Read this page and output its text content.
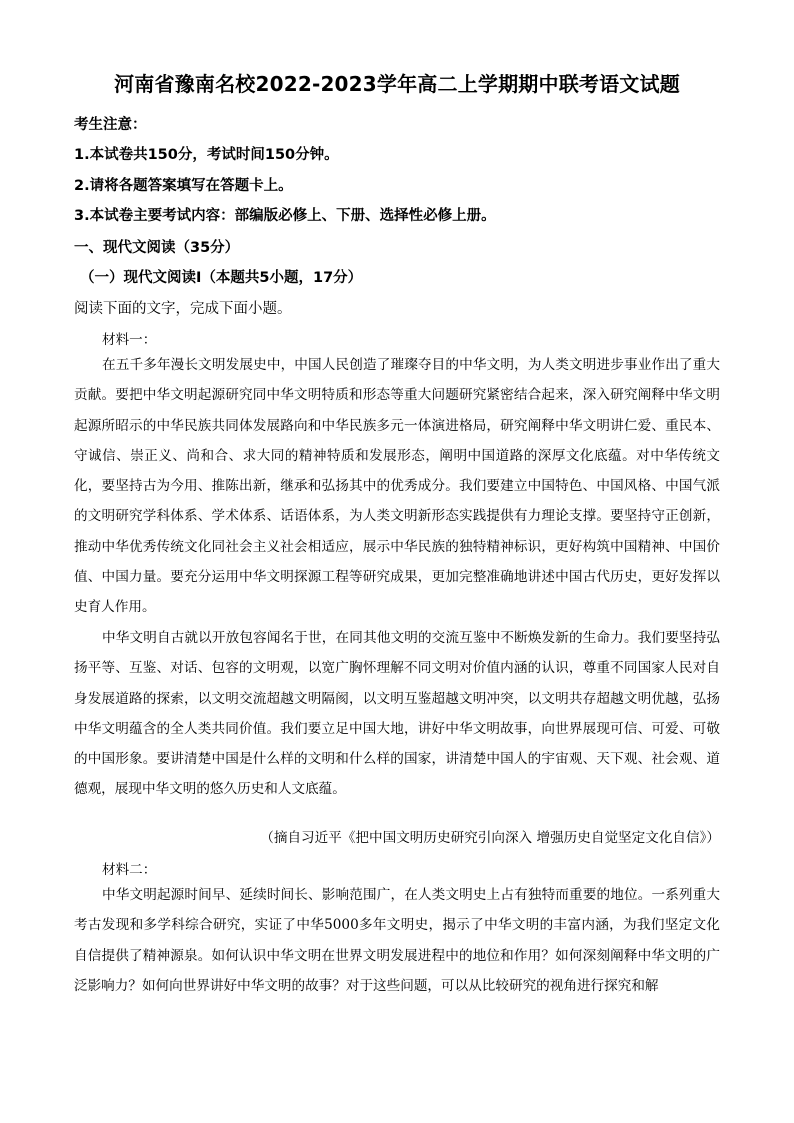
河南省豫南名校2022-2023学年高二上学期期中联考语文试题
考生注意：
1.本试卷共150分，考试时间150分钟。
2.请将各题答案填写在答题卡上。
3.本试卷主要考试内容：部编版必修上、下册、选择性必修上册。
一、现代文阅读（35分）
（一）现代文阅读Ⅰ（本题共5小题，17分）
阅读下面的文字，完成下面小题。
材料一：

在五千多年漫长文明发展史中，中国人民创造了璀璨夺目的中华文明，为人类文明进步事业作出了重大贡献。要把中华文明起源研究同中华文明特质和形态等重大问题研究紧密结合起来，深入研究阐释中华文明起源所昭示的中华民族共同体发展路向和中华民族多元一体演进格局，研究阐释中华文明讲仁爱、重民本、守诚信、崇正义、尚和合、求大同的精神特质和发展形态，阐明中国道路的深厚文化底蕴。对中华传统文化，要坚持古为今用、推陈出新，继承和弘扬其中的优秀成分。我们要建立中国特色、中国风格、中国气派的文明研究学科体系、学术体系、话语体系，为人类文明新形态实践提供有力理论支撑。要坚持守正创新，推动中华优秀传统文化同社会主义社会相适应，展示中华民族的独特精神标识，更好构筑中国精神、中国价值、中国力量。要充分运用中华文明探源工程等研究成果，更加完整准确地讲述中国古代历史，更好发挥以史育人作用。

中华文明自古就以开放包容闻名于世，在同其他文明的交流互鉴中不断焕发新的生命力。我们要坚持弘扬平等、互鉴、对话、包容的文明观，以宽广胸怀理解不同文明对价值内涵的认识，尊重不同国家人民对自身发展道路的探索，以文明交流超越文明隔阂，以文明互鉴超越文明冲突，以文明共存超越文明优越，弘扬中华文明蕴含的全人类共同价值。我们要立足中国大地，讲好中华文明故事，向世界展现可信、可爱、可敬的中国形象。要讲清楚中国是什么样的文明和什么样的国家，讲清楚中国人的宇宙观、天下观、社会观、道德观，展现中华文明的悠久历史和人文底蕴。

（摘自习近平《把中国文明历史研究引向深入 增强历史自觉坚定文化自信》）
材料二：

中华文明起源时间早、延续时间长、影响范围广，在人类文明史上占有独特而重要的地位。一系列重大考古发现和多学科综合研究，实证了中华5000多年文明史，揭示了中华文明的丰富内涵，为我们坚定文化自信提供了精神源泉。如何认识中华文明在世界文明发展进程中的地位和作用？如何深刻阐释中华文明的广泛影响力？如何向世界讲好中华文明的故事？对于这些问题，可以从比较研究的视角进行探究和解
